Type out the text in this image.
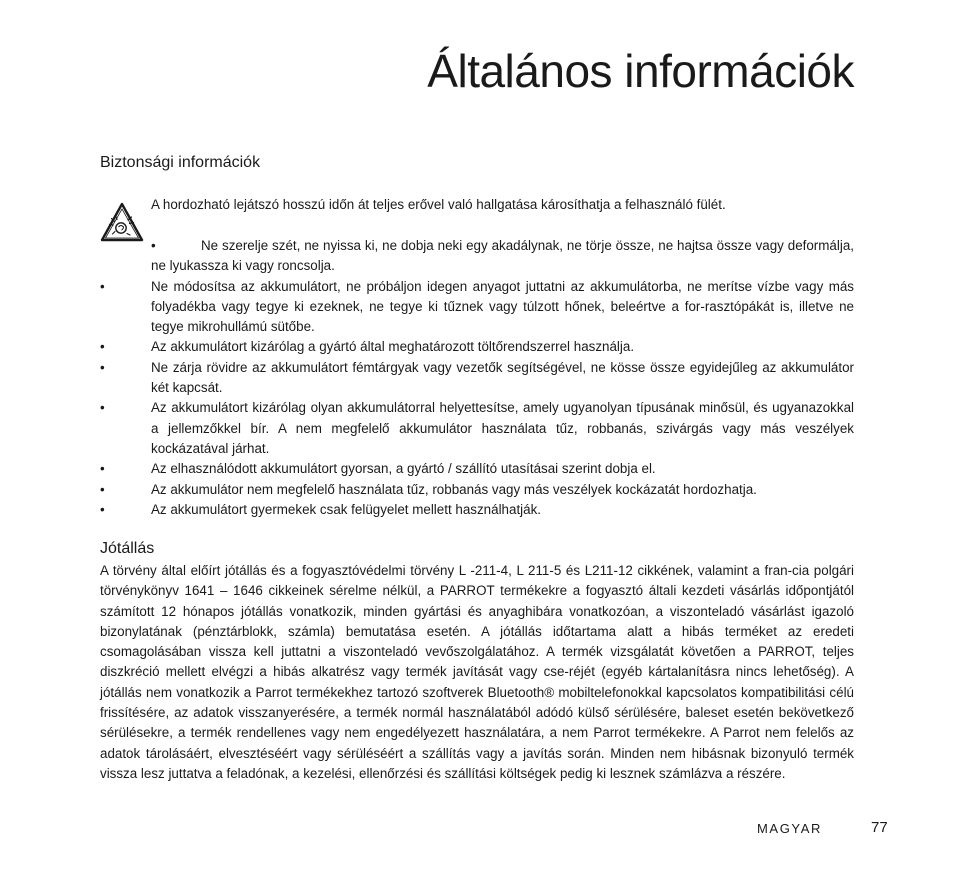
Általános információk
Biztonsági információk

A hordozható lejátszó hosszú időn át teljes erővel való hallgatása károsíthatja a felhasználó fülét.

•	Ne szerelje szét, ne nyissa ki, ne dobja neki egy akadálynak, ne törje össze, ne hajtsa össze vagy deformálja, ne lyukassza ki vagy roncsolja.
•	Ne módosítsa az akkumulátort, ne próbáljon idegen anyagot juttatni az akkumulátorba, ne merítse vízbe vagy más folyadékba vagy tegye ki ezeknek, ne tegye ki tűznek vagy túlzott hőnek, beleértve a for-rasztópákát is, illetve ne tegye mikrohullámú sütőbe.
•	Az akkumulátort kizárólag a gyártó által meghatározott töltőrendszerrel használja.
•	Ne zárja rövidre az akkumulátort fémtárgyak vagy vezetők segítségével, ne kösse össze egyidejűleg az akkumulátor két kapcsát.
•	Az akkumulátort kizárólag olyan akkumulátorral helyettesítse, amely ugyanolyan típusának minősül, és ugyanazokkal a jellemzőkkel bír. A nem megfelelő akkumulátor használata tűz, robbanás, szivárgás vagy más veszélyek kockázatával járhat.
•	Az elhasználódott akkumulátort gyorsan, a gyártó / szállító utasításai szerint dobja el.
•	Az akkumulátor nem megfelelő használata tűz, robbanás vagy más veszélyek kockázatát hordozhatja.
•	Az akkumulátort gyermekek csak felügyelet mellett használhatják.
Jótállás

A törvény által előírt jótállás és a fogyasztóvédelmi törvény L -211-4, L 211-5 és L211-12 cikkének, valamint a fran-cia polgári törvénykönyv 1641 – 1646 cikkeinek sérelme nélkül, a PARROT termékekre a fogyasztó általi kezdeti vásárlás időpontjától számított 12 hónapos jótállás vonatkozik, minden gyártási és anyaghibára vonatkozóan, a viszonteladó vásárlást igazoló bizonylatának (pénztárblokk, számla) bemutatása esetén. A jótállás időtartama alatt a hibás terméket az eredeti csomagolásában vissza kell juttatni a viszonteladó vevőszolgálatához. A termék vizsgálatát követően a PARROT, teljes diszkréció mellett elvégzi a hibás alkatrész vagy termék javítását vagy cse-réjét (egyéb kártalanításra nincs lehetőség). A jótállás nem vonatkozik a Parrot termékekhez tartozó szoftverek Bluetooth® mobiltelefonokkal kapcsolatos kompatibilitási célú frissítésére, az adatok visszanyerésére, a termék normál használatából adódó külső sérülésére, baleset esetén bekövetkező sérülésekre, a termék rendellenes vagy nem engedélyezett használatára, a nem Parrot termékekre. A Parrot nem felelős az adatok tárolásáért, elvesztéséért vagy sérüléséért a szállítás vagy a javítás során. Minden nem hibásnak bizonyuló termék vissza lesz juttatva a feladónak, a kezelési, ellenőrzési és szállítási költségek pedig ki lesznek számlázva a részére.

MAGYAR	77
